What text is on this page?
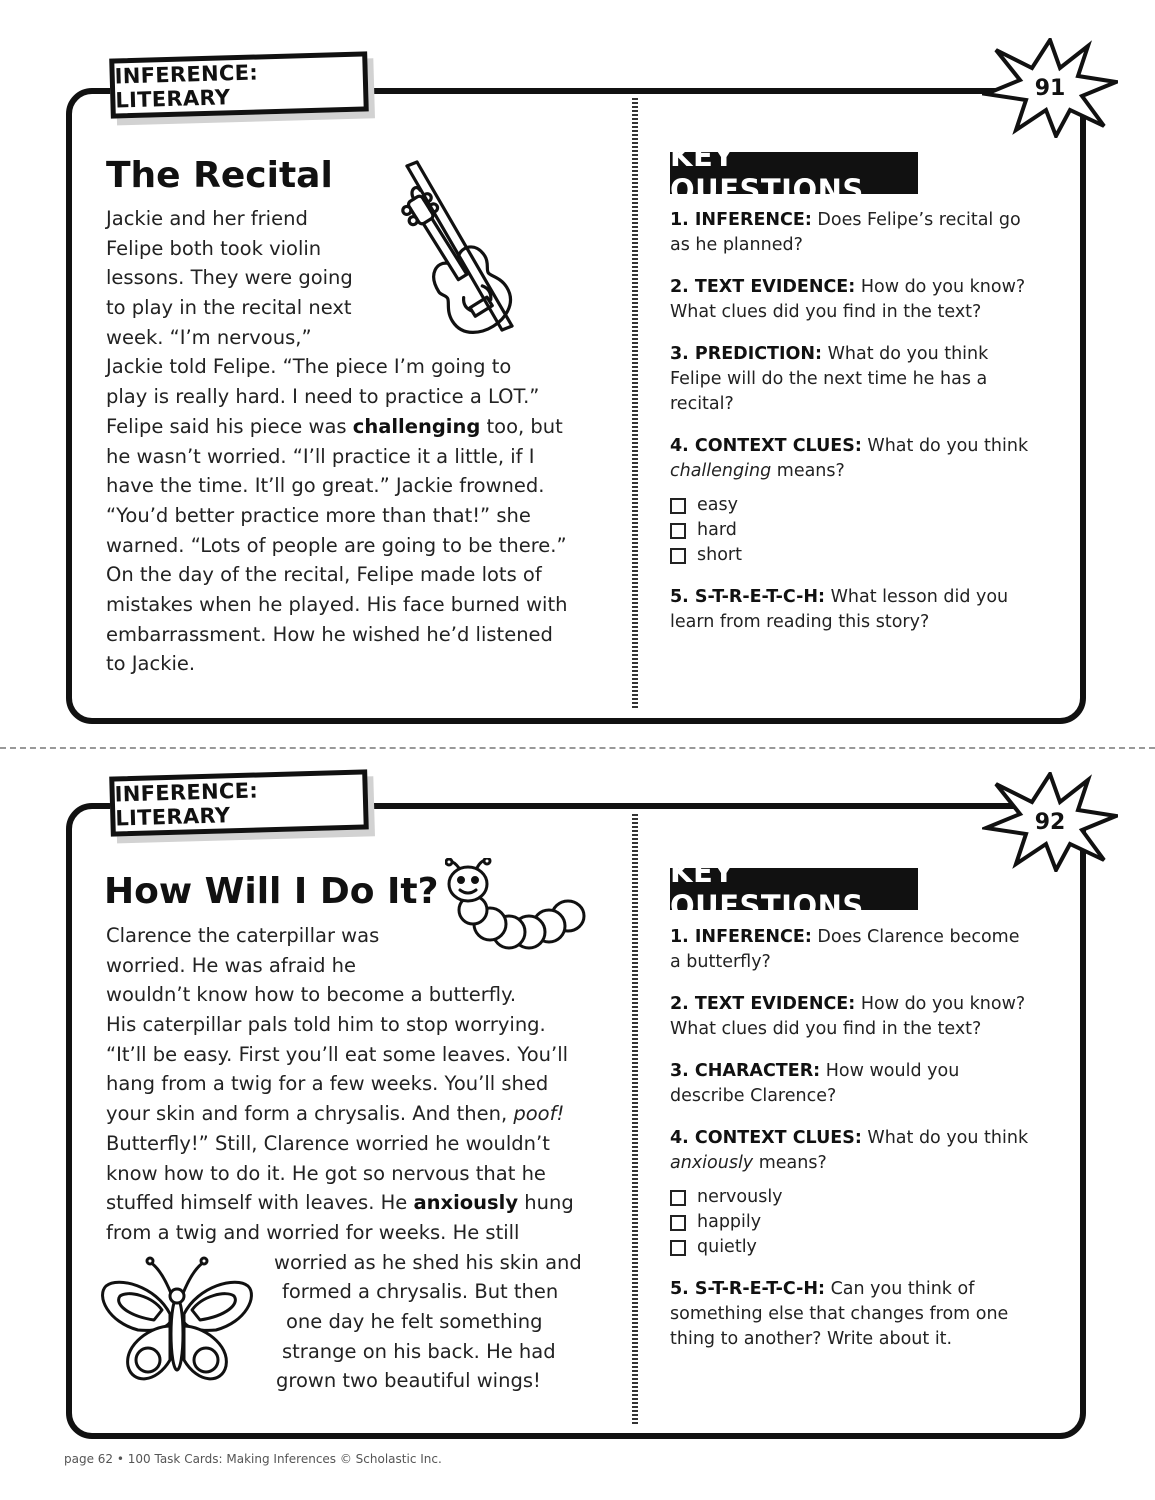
INFERENCE: LITERARY	91
The Recital
Jackie and her friend
Felipe both took violin
lessons. They were going
to play in the recital next
week. “I’m nervous,”
Jackie told Felipe. “The piece I’m going to
play is really hard. I need to practice a LOT.”
Felipe said his piece was challenging too, but
he wasn’t worried. “I’ll practice it a little, if I
have the time. It’ll go great.” Jackie frowned.
“You’d better practice more than that!” she
warned. “Lots of people are going to be there.”
On the day of the recital, Felipe made lots of
mistakes when he played. His face burned with
embarrassment. How he wished he’d listened
to Jackie.
KEY QUESTIONS
1. INFERENCE: Does Felipe’s recital go
as he planned?
2. TEXT EVIDENCE: How do you know?
What clues did you find in the text?
3. PREDICTION: What do you think
Felipe will do the next time he has a
recital?
4. CONTEXT CLUES: What do you think
challenging means?
easy
hard
short
5. S-T-R-E-T-C-H: What lesson did you
learn from reading this story?
INFERENCE: LITERARY	92
How Will I Do It?
Clarence the caterpillar was
worried. He was afraid he
wouldn’t know how to become a butterfly.
His caterpillar pals told him to stop worrying.
“It’ll be easy. First you’ll eat some leaves. You’ll
hang from a twig for a few weeks. You’ll shed
your skin and form a chrysalis. And then, poof!
Butterfly!” Still, Clarence worried he wouldn’t
know how to do it. He got so nervous that he
stuffed himself with leaves. He anxiously hung
from a twig and worried for weeks. He still
worried as he shed his skin and
formed a chrysalis. But then
one day he felt something
strange on his back. He had
grown two beautiful wings!
KEY QUESTIONS
1. INFERENCE: Does Clarence become
a butterfly?
2. TEXT EVIDENCE: How do you know?
What clues did you find in the text?
3. CHARACTER: How would you
describe Clarence?
4. CONTEXT CLUES: What do you think
anxiously means?
nervously
happily
quietly
5. S-T-R-E-T-C-H: Can you think of
something else that changes from one
thing to another? Write about it.
page 62 • 100 Task Cards: Making Inferences © Scholastic Inc.
